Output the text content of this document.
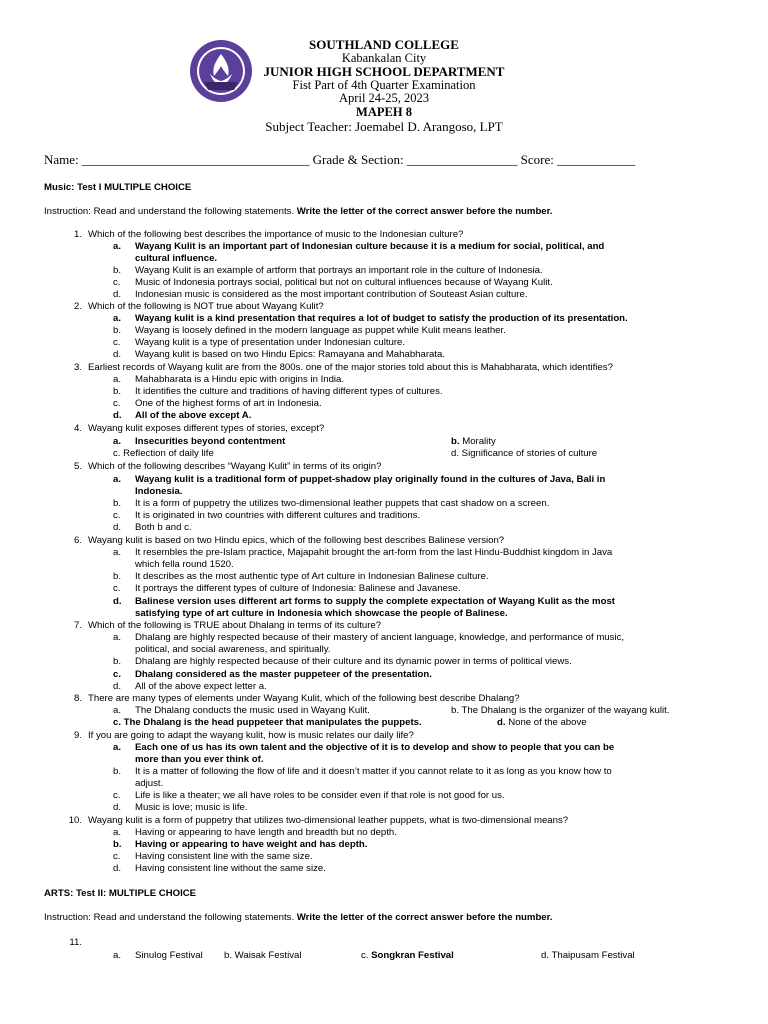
SOUTHLAND COLLEGE
Kabankalan City
JUNIOR HIGH SCHOOL DEPARTMENT
Fist Part of 4th Quarter Examination
April 24-25, 2023
MAPEH 8
Subject Teacher: Joemabel D. Arangoso, LPT
Name: ___________________________________ Grade & Section: _________________ Score: ____________
Music: Test I MULTIPLE CHOICE
Instruction: Read and understand the following statements. Write the letter of the correct answer before the number.
1. Which of the following best describes the importance of music to the Indonesian culture?
a. Wayang Kulit is an important part of Indonesian culture because it is a medium for social, political, and
cultural influence.
b. Wayang Kulit is an example of artform that portrays an important role in the culture of Indonesia.
c. Music of Indonesia portrays social, political but not on cultural influences because of Wayang Kulit.
d. Indonesian music is considered as the most important contribution of Souteast Asian culture.
2. Which of the following is NOT true about Wayang Kulit?
a. Wayang kulit is a kind presentation that requires a lot of budget to satisfy the production of its presentation.
b. Wayang is loosely defined in the modern language as puppet while Kulit means leather.
c. Wayang kulit is a type of presentation under Indonesian culture.
d. Wayang kulit is based on two Hindu Epics: Ramayana and Mahabharata.
3. Earliest records of Wayang kulit are from the 800s. one of the major stories told about this is Mahabharata, which identifies?
a. Mahabharata is a Hindu epic with origins in India.
b. It identifies the culture and traditions of having different types of cultures.
c. One of the highest forms of art in Indonesia.
d. All of the above except A.
4. Wayang kulit exposes different types of stories, except?
a. Insecurities beyond contentment	b. Morality
c. Reflection of daily life	d. Significance of stories of culture
5. Which of the following describes “Wayang Kulit” in terms of its origin?
a. Wayang kulit is a traditional form of puppet-shadow play originally found in the cultures of Java, Bali in
Indonesia.
b. It is a form of puppetry the utilizes two-dimensional leather puppets that cast shadow on a screen.
c. It is originated in two countries with different cultures and traditions.
d. Both b and c.
6. Wayang kulit is based on two Hindu epics, which of the following best describes Balinese version?
a. It resembles the pre-Islam practice, Majapahit brought the art-form from the last Hindu-Buddhist kingdom in Java
which fella round 1520.
b. It describes as the most authentic type of Art culture in Indonesian Balinese culture.
c. It portrays the different types of culture of Indonesia: Balinese and Javanese.
d. Balinese version uses different art forms to supply the complete expectation of Wayang Kulit as the most
satisfying type of art culture in Indonesia which showcase the people of Balinese.
7. Which of the following is TRUE about Dhalang in terms of its culture?
a. Dhalang are highly respected because of their mastery of ancient language, knowledge, and performance of music,
political, and social awareness, and spiritually.
b. Dhalang are highly respected because of their culture and its dynamic power in terms of political views.
c. Dhalang considered as the master puppeteer of the presentation.
d. All of the above expect letter a.
8. There are many types of elements under Wayang Kulit, which of the following best describe Dhalang?
a. The Dhalang conducts the music used in Wayang Kulit.	b. The Dhalang is the organizer of the wayang kulit.
c. The Dhalang is the head puppeteer that manipulates the puppets.	d. None of the above
9. If you are going to adapt the wayang kulit, how is music relates our daily life?
a. Each one of us has its own talent and the objective of it is to develop and show to people that you can be
more than you ever think of.
b. It is a matter of following the flow of life and it doesn’t matter if you cannot relate to it as long as you know how to
adjust.
c. Life is like a theater; we all have roles to be consider even if that role is not good for us.
d. Music is love; music is life.
10. Wayang kulit is a form of puppetry that utilizes two-dimensional leather puppets, what is two-dimensional means?
a. Having or appearing to have length and breadth but no depth.
b. Having or appearing to have weight and has depth.
c. Having consistent line with the same size.
d. Having consistent line without the same size.
ARTS: Test II: MULTIPLE CHOICE
Instruction: Read and understand the following statements. Write the letter of the correct answer before the number.
11.
a. Sinulog Festival b. Waisak Festival	c. Songkran Festival	d. Thaipusam Festival
